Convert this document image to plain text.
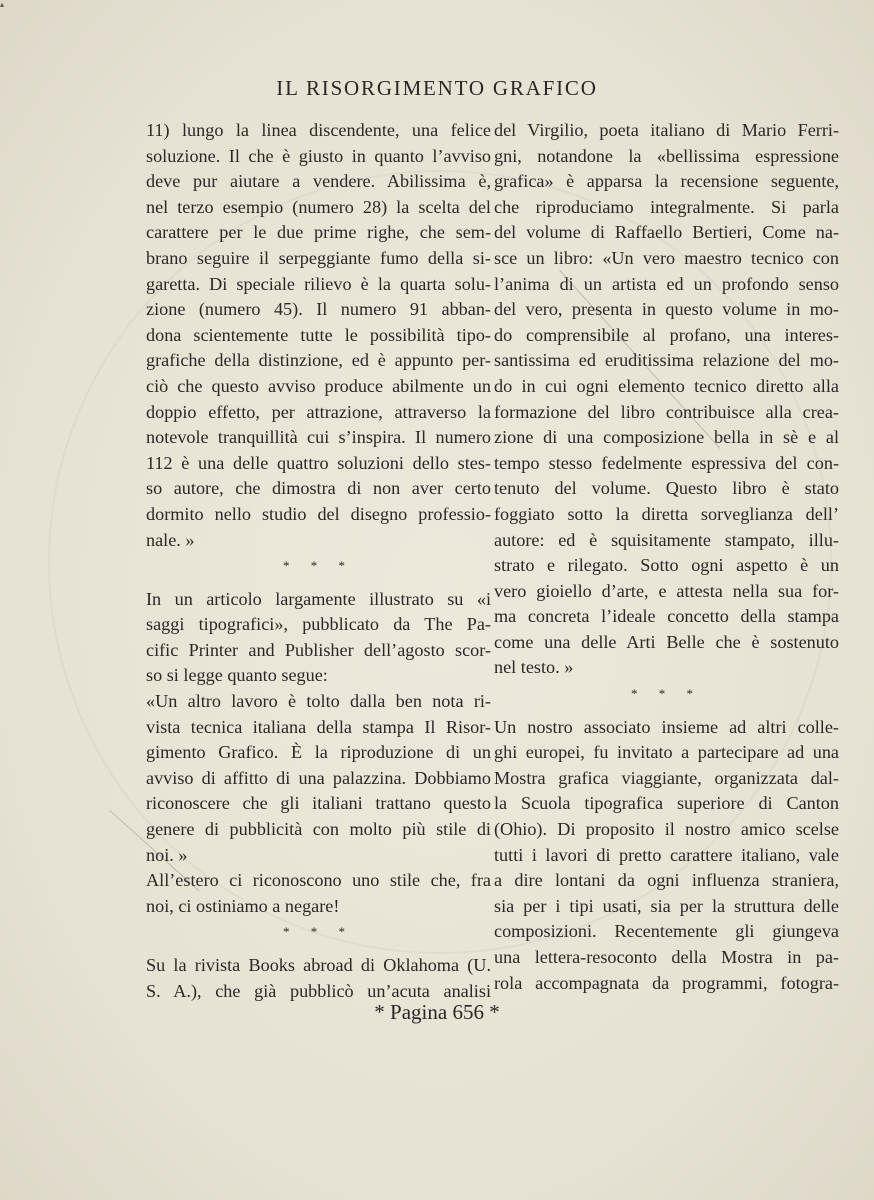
▴
IL RISORGIMENTO GRAFICO
11) lungo la linea discendente, una felice
soluzione. Il che è giusto in quanto l’avviso
deve pur aiutare a vendere. Abilissima è,
nel terzo esempio (numero 28) la scelta del
carattere per le due prime righe, che sem-
brano seguire il serpeggiante fumo della si-
garetta. Di speciale rilievo è la quarta solu-
zione (numero 45). Il numero 91 abban-
dona scientemente tutte le possibilità tipo-
grafiche della distinzione, ed è appunto per-
ciò che questo avviso produce abilmente un
doppio effetto, per attrazione, attraverso la
notevole tranquillità cui s’inspira. Il numero
112 è una delle quattro soluzioni dello stes-
so autore, che dimostra di non aver certo
dormito nello studio del disegno professio-
nale. »
* * *
In un articolo largamente illustrato su «i
saggi tipografici», pubblicato da The Pa-
cific Printer and Publisher dell’agosto scor-
so si legge quanto segue:
«Un altro lavoro è tolto dalla ben nota ri-
vista tecnica italiana della stampa Il Risor-
gimento Grafico. È la riproduzione di un
avviso di affitto di una palazzina. Dobbiamo
riconoscere che gli italiani trattano questo
genere di pubblicità con molto più stile di
noi. »
All’estero ci riconoscono uno stile che, fra
noi, ci ostiniamo a negare!
* * *
Su la rivista Books abroad di Oklahoma (U.
S. A.), che già pubblicò un’acuta analisi
del Virgilio, poeta italiano di Mario Ferri-
gni, notandone la «bellissima espressione
grafica» è apparsa la recensione seguente,
che riproduciamo integralmente. Si parla
del volume di Raffaello Bertieri, Come na-
sce un libro: «Un vero maestro tecnico con
l’anima di un artista ed un profondo senso
del vero, presenta in questo volume in mo-
do comprensibile al profano, una interes-
santissima ed eruditissima relazione del mo-
do in cui ogni elemento tecnico diretto alla
formazione del libro contribuisce alla crea-
zione di una composizione bella in sè e al
tempo stesso fedelmente espressiva del con-
tenuto del volume. Questo libro è stato
foggiato sotto la diretta sorveglianza dell’
autore: ed è squisitamente stampato, illu-
strato e rilegato. Sotto ogni aspetto è un
vero gioiello d’arte, e attesta nella sua for-
ma concreta l’ideale concetto della stampa
come una delle Arti Belle che è sostenuto
nel testo. »
* * *
Un nostro associato insieme ad altri colle-
ghi europei, fu invitato a partecipare ad una
Mostra grafica viaggiante, organizzata dal-
la Scuola tipografica superiore di Canton
(Ohio). Di proposito il nostro amico scelse
tutti i lavori di pretto carattere italiano, vale
a dire lontani da ogni influenza straniera,
sia per i tipi usati, sia per la struttura delle
composizioni. Recentemente gli giungeva
una lettera-resoconto della Mostra in pa-
rola accompagnata da programmi, fotogra-
* Pagina 656 *
